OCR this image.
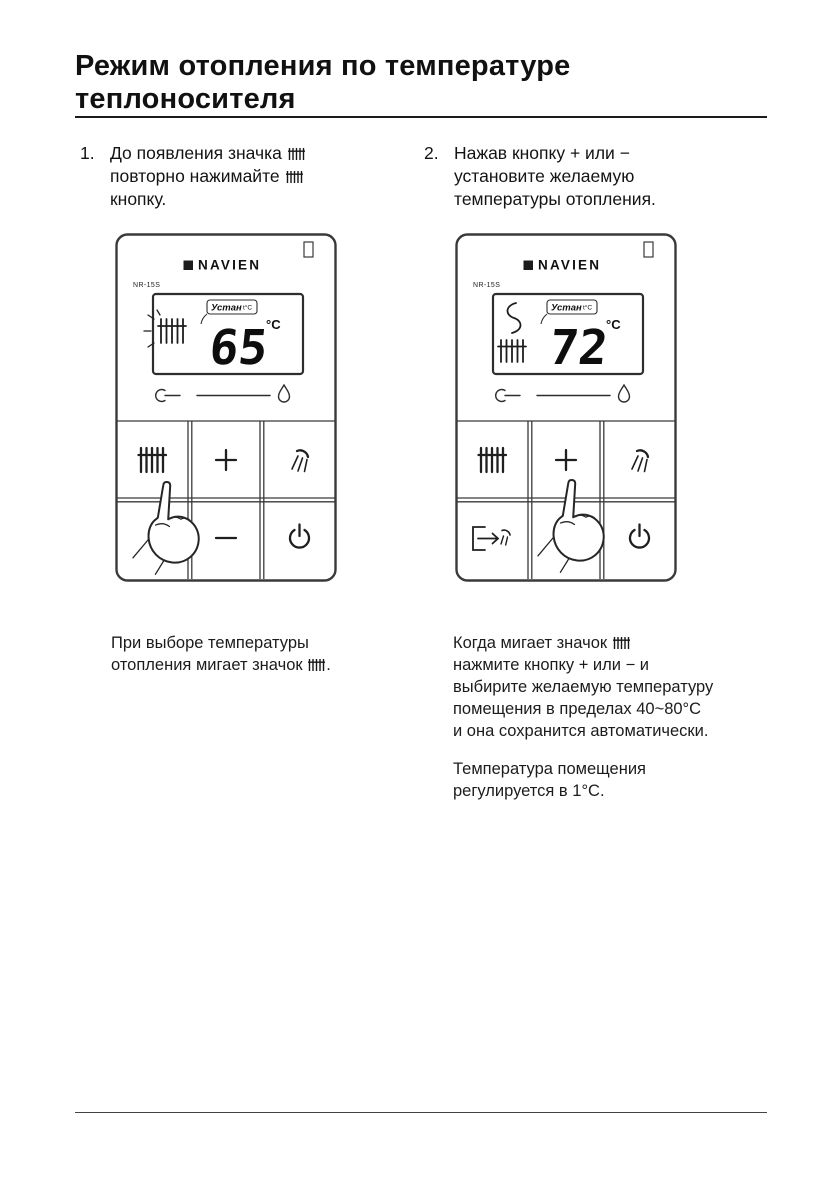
Режим отопления по температуре
теплоносителя
1. До появления значка
повторно нажимайте
кнопку.
NAVIEN
NR-15S
Устан t°C
65
°C

При выборе температуры
отопления мигает значок .

2. Нажав кнопку + или −
установите желаемую
температуры отопления.
NAVIEN
NR-15S
Устан t°C
72
°C

Когда мигает значок
нажмите кнопку + или − и
выбирите желаемую температуру
помещения в пределах 40~80°C
и она сохранится автоматически.
Температура помещения
регулируется в 1°C.
